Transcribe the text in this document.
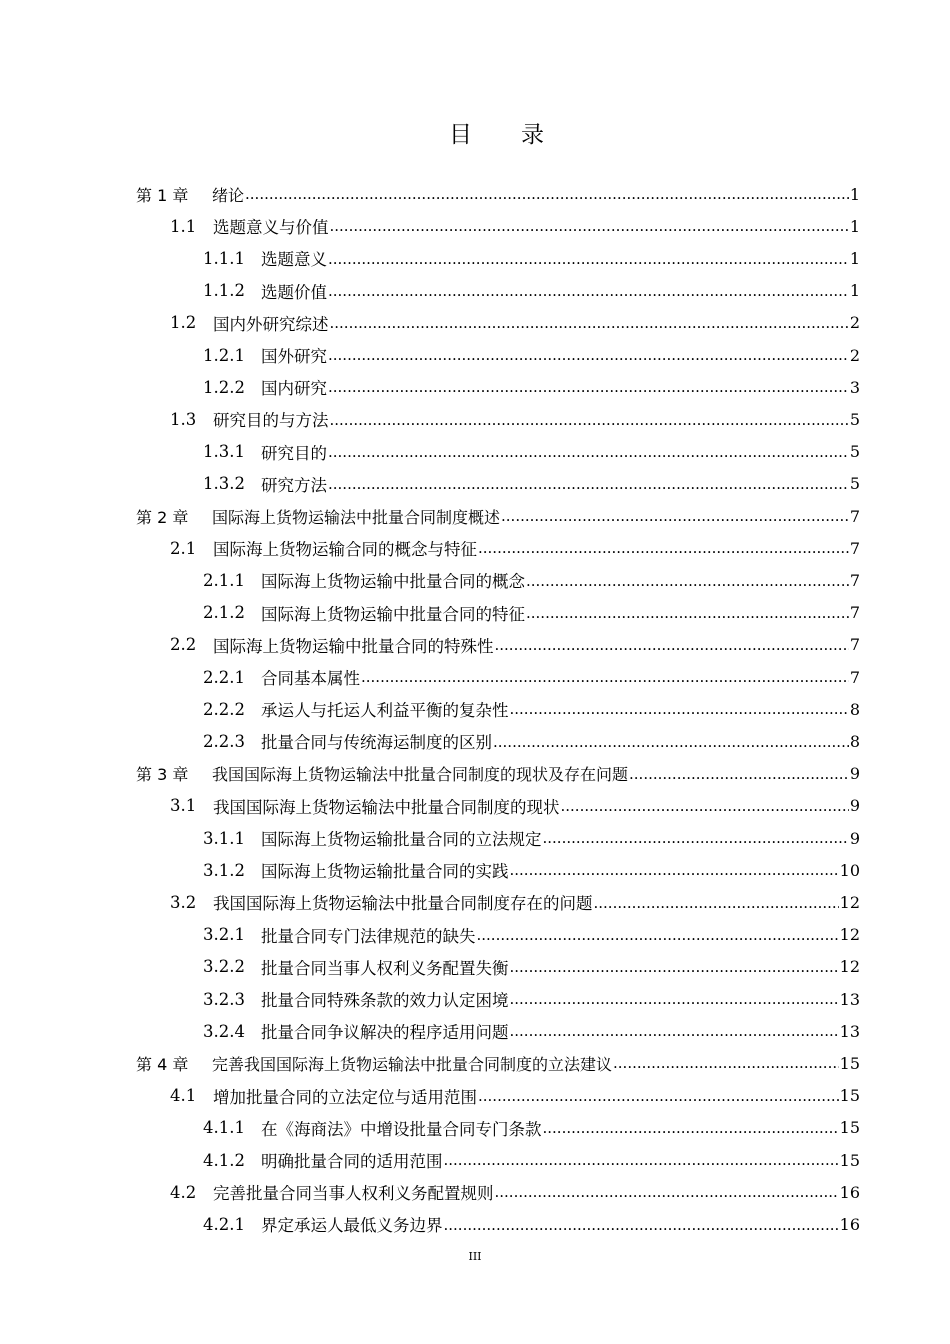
目 录
第 1 章	绪论 .....	1
1.1	选题意义与价值 .....	1
1.1.1 选题意义 .....	1
1.1.2 选题价值 .....	1
1.2	国内外研究综述 .....	2
1.2.1 国外研究 .....	2
1.2.2 国内研究 .....	3
1.3	研究目的与方法 .....	5
1.3.1 研究目的 .....	5
1.3.2 研究方法 .....	5
第 2 章	国际海上货物运输法中批量合同制度概述 .....	7
2.1	国际海上货物运输合同的概念与特征 .....	7
2.1.1 国际海上货物运输中批量合同的概念 .....	7
2.1.2 国际海上货物运输中批量合同的特征 .....	7
2.2	国际海上货物运输中批量合同的特殊性 .....	7
2.2.1 合同基本属性 .....	7
2.2.2 承运人与托运人利益平衡的复杂性 .....	8
2.2.3 批量合同与传统海运制度的区别 .....	8
第 3 章	我国国际海上货物运输法中批量合同制度的现状及存在问题 .....	9
3.1	我国国际海上货物运输法中批量合同制度的现状 .....	9
3.1.1 国际海上货物运输批量合同的立法规定 .....	9
3.1.2 国际海上货物运输批量合同的实践 .....	10
3.2	我国国际海上货物运输法中批量合同制度存在的问题 .....	12
3.2.1 批量合同专门法律规范的缺失 .....	12
3.2.2 批量合同当事人权利义务配置失衡 .....	12
3.2.3 批量合同特殊条款的效力认定困境 .....	13
3.2.4 批量合同争议解决的程序适用问题 .....	13
第 4 章	完善我国国际海上货物运输法中批量合同制度的立法建议 .....	15
4.1	增加批量合同的立法定位与适用范围 .....	15
4.1.1 在《海商法》中增设批量合同专门条款 .....	15
4.1.2 明确批量合同的适用范围 .....	15
4.2	完善批量合同当事人权利义务配置规则 .....	16
4.2.1 界定承运人最低义务边界 .....	16
III
